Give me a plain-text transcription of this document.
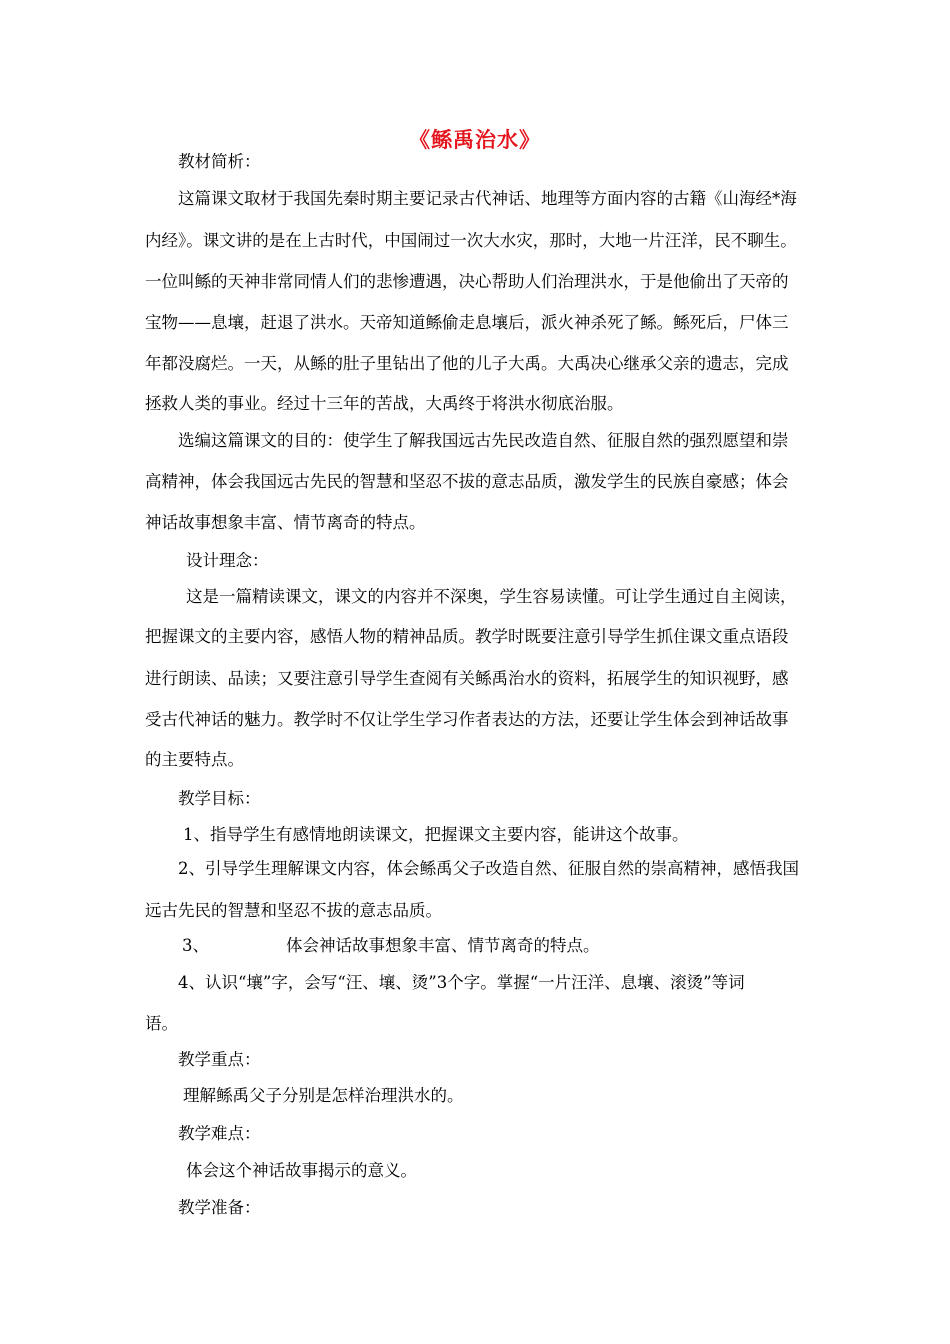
《鲧禹治水》
教材简析：
这篇课文取材于我国先秦时期主要记录古代神话、地理等方面内容的古籍《山海经*海
内经》。课文讲的是在上古时代，中国闹过一次大水灾，那时，大地一片汪洋，民不聊生。
一位叫鲧的天神非常同情人们的悲惨遭遇，决心帮助人们治理洪水，于是他偷出了天帝的
宝物——息壤，赶退了洪水。天帝知道鲧偷走息壤后，派火神杀死了鲧。鲧死后，尸体三
年都没腐烂。一天，从鲧的肚子里钻出了他的儿子大禹。大禹决心继承父亲的遗志，完成
拯救人类的事业。经过十三年的苦战，大禹终于将洪水彻底治服。
选编这篇课文的目的：使学生了解我国远古先民改造自然、征服自然的强烈愿望和崇
高精神，体会我国远古先民的智慧和坚忍不拔的意志品质，激发学生的民族自豪感；体会
神话故事想象丰富、情节离奇的特点。
设计理念：
这是一篇精读课文，课文的内容并不深奥，学生容易读懂。可让学生通过自主阅读，
把握课文的主要内容，感悟人物的精神品质。教学时既要注意引导学生抓住课文重点语段
进行朗读、品读；又要注意引导学生查阅有关鲧禹治水的资料，拓展学生的知识视野，感
受古代神话的魅力。教学时不仅让学生学习作者表达的方法，还要让学生体会到神话故事
的主要特点。
教学目标：
1、指导学生有感情地朗读课文，把握课文主要内容，能讲这个故事。
2、引导学生理解课文内容，体会鲧禹父子改造自然、征服自然的崇高精神，感悟我国
远古先民的智慧和坚忍不拔的意志品质。
3、	体会神话故事想象丰富、情节离奇的特点。
4、认识“壤”字，会写“汪、壤、烫”3个字。掌握“一片汪洋、息壤、滚烫”等词
语。
教学重点：
理解鲧禹父子分别是怎样治理洪水的。
教学难点：
体会这个神话故事揭示的意义。
教学准备：
